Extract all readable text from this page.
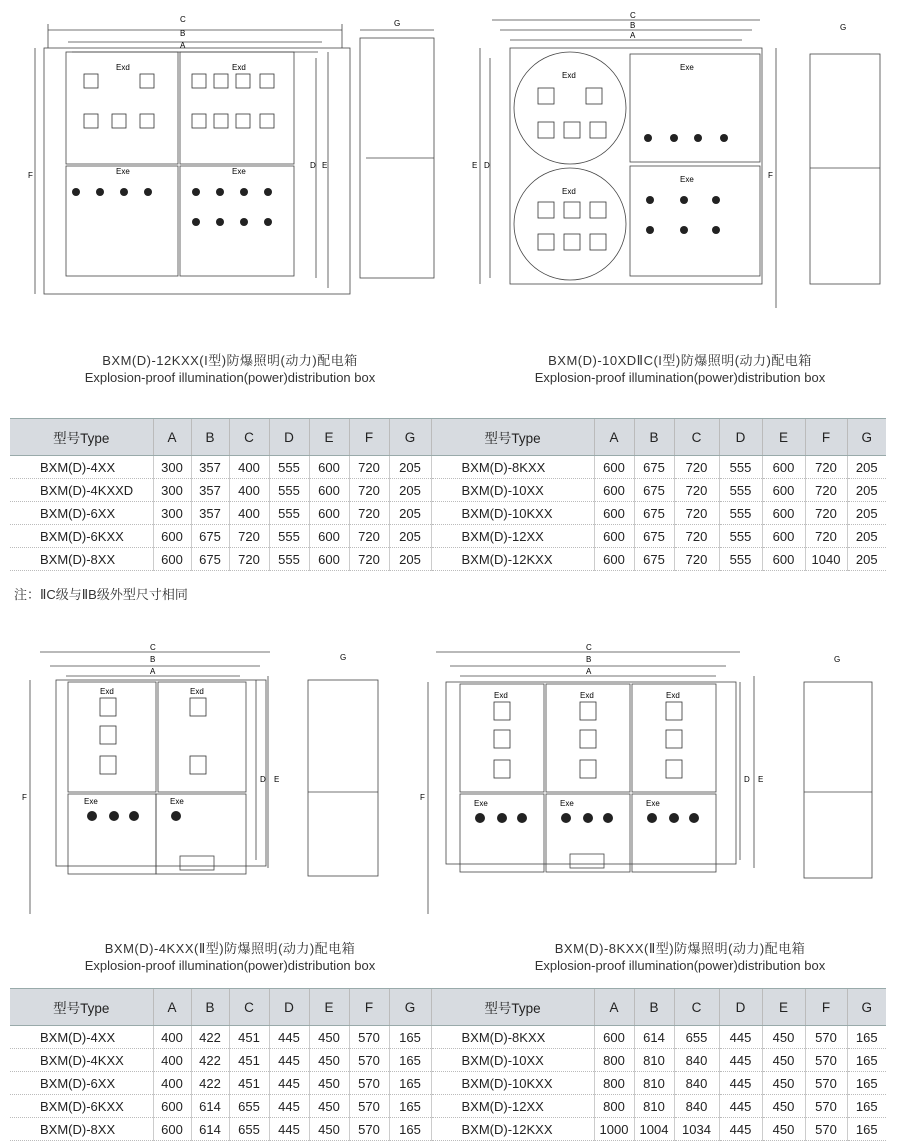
C
B
A
F
D E
G
Exd	Exd
Exe	Exe
BXM(D)-12KXX(I型)防爆照明(动力)配电箱
Explosion-proof illumination(power)distribution box
C
B
A
E D
F
G
Exd
Exd
Exe
Exe
BXM(D)-10XDⅡC(I型)防爆照明(动力)配电箱
Explosion-proof illumination(power)distribution box
型号Type	A	B	C	D	E	F	G	型号Type	A	B	C	D	E	F	G
BXM(D)-4XX	300	357	400	555	600	720	205	BXM(D)-8KXX	600	675	720	555	600	720	205
BXM(D)-4KXXD	300	357	400	555	600	720	205	BXM(D)-10XX	600	675	720	555	600	720	205
BXM(D)-6XX	300	357	400	555	600	720	205	BXM(D)-10KXX	600	675	720	555	600	720	205
BXM(D)-6KXX	600	675	720	555	600	720	205	BXM(D)-12XX	600	675	720	555	600	720	205
BXM(D)-8XX	600	675	720	555	600	720	205	BXM(D)-12KXX	600	675	720	555	600	1040	205
注：ⅡC级与ⅡB级外型尺寸相同
C
B
A
F
D E
G
Exd	Exd
Exe	Exe
BXM(D)-4KXX(Ⅱ型)防爆照明(动力)配电箱
Explosion-proof illumination(power)distribution box
C
B
A
F
D E
G
Exd	Exd	Exd
Exe	Exe	Exe
BXM(D)-8KXX(Ⅱ型)防爆照明(动力)配电箱
Explosion-proof illumination(power)distribution box
型号Type	A	B	C	D	E	F	G	型号Type	A	B	C	D	E	F	G
BXM(D)-4XX	400	422	451	445	450	570	165	BXM(D)-8KXX	600	614	655	445	450	570	165
BXM(D)-4KXX	400	422	451	445	450	570	165	BXM(D)-10XX	800	810	840	445	450	570	165
BXM(D)-6XX	400	422	451	445	450	570	165	BXM(D)-10KXX	800	810	840	445	450	570	165
BXM(D)-6KXX	600	614	655	445	450	570	165	BXM(D)-12XX	800	810	840	445	450	570	165
BXM(D)-8XX	600	614	655	445	450	570	165	BXM(D)-12KXX	1000	1004	1034	445	450	570	165
